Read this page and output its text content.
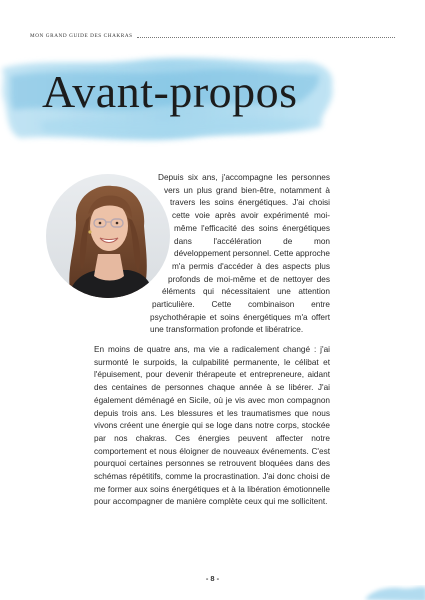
MON GRAND GUIDE DES CHAKRAS
Avant-propos

Depuis six ans, j'accompagne les personnes vers un plus grand bien-être, notamment à travers les soins énergétiques. J'ai choisi cette voie après avoir expérimenté moi-même l'efficacité des soins énergétiques dans l'accélération de mon développement personnel. Cette approche m'a permis d'accéder à des aspects plus profonds de moi-même et de nettoyer des éléments qui nécessitaient une attention particulière. Cette combinaison entre psychothérapie et soins énergétiques m'a offert une transformation profonde et libératrice.

En moins de quatre ans, ma vie a radicalement changé : j'ai surmonté le surpoids, la culpabilité permanente, le célibat et l'épuisement, pour devenir thérapeute et entrepreneure, aidant des centaines de personnes chaque année à se libérer. J'ai également déménagé en Sicile, où je vis avec mon compagnon depuis trois ans. Les blessures et les traumatismes que nous vivons créent une énergie qui se loge dans notre corps, stockée par nos chakras. Ces énergies peuvent affecter notre comportement et nous éloigner de nouveaux événements. C'est pourquoi certaines personnes se retrouvent bloquées dans des schémas répétitifs, comme la procrastination. J'ai donc choisi de me former aux soins énergétiques et à la libération émotionnelle pour accompagner de manière complète ceux qui me sollicitent.

- 8 -
